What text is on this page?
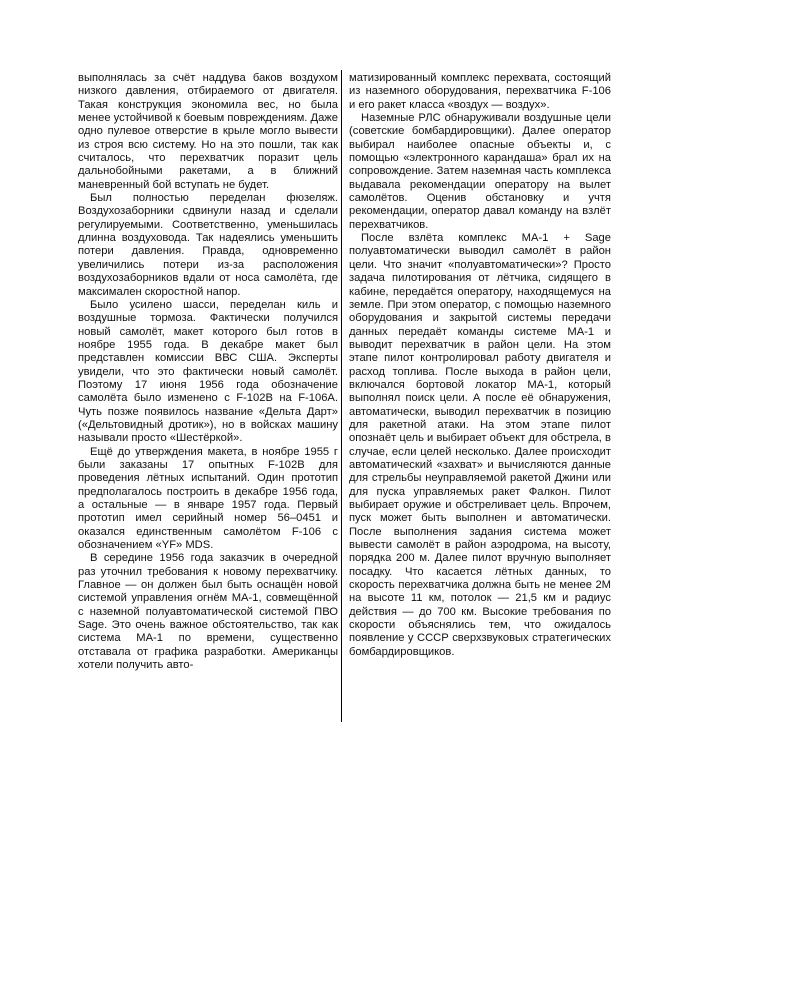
выполнялась за счёт наддува баков воздухом низкого давления, отбираемого от двигателя. Такая конструкция экономила вес, но была менее устойчивой к боевым повреждениям. Даже одно пулевое отверстие в крыле могло вывести из строя всю систему. Но на это пошли, так как считалось, что перехватчик поразит цель дальнобойными ракетами, а в ближний маневренный бой вступать не будет.

Был полностью переделан фюзеляж. Воздухозаборники сдвинули назад и сделали регулируемыми. Соответственно, уменьшилась длинна воздуховода. Так надеялись уменьшить потери давления. Правда, одновременно увеличились потери из-за расположения воздухозаборников вдали от носа самолёта, где максимален скоростной напор.

Было усилено шасси, переделан киль и воздушные тормоза. Фактически получился новый самолёт, макет которого был готов в ноябре 1955 года. В декабре макет был представлен комиссии ВВС США. Эксперты увидели, что это фактически новый самолёт. Поэтому 17 июня 1956 года обозначение самолёта было изменено с F-102B на F-106A. Чуть позже появилось название «Дельта Дарт» («Дельтовидный дротик»), но в войсках машину называли просто «Шестёркой».

Ещё до утверждения макета, в ноябре 1955 г были заказаны 17 опытных F-102B для проведения лётных испытаний. Один прототип предполагалось построить в декабре 1956 года, а остальные — в январе 1957 года. Первый прототип имел серийный номер 56–0451 и оказался единственным самолётом F-106 с обозначением «YF» MDS.

В середине 1956 года заказчик в очередной раз уточнил требования к новому перехватчику. Главное — он должен был быть оснащён новой системой управления огнём MA-1, совмещённой с наземной полуавтоматической системой ПВО Sage. Это очень важное обстоятельство, так как система MA-1 по времени, существенно отставала от графика разработки. Американцы хотели получить авто-

матизированный комплекс перехвата, состоящий из наземного оборудования, перехватчика F-106 и его ракет класса «воздух — воздух».

Наземные РЛС обнаруживали воздушные цели (советские бомбардировщики). Далее оператор выбирал наиболее опасные объекты и, с помощью «электронного карандаша» брал их на сопровождение. Затем наземная часть комплекса выдавала рекомендации оператору на вылет самолётов. Оценив обстановку и учтя рекомендации, оператор давал команду на взлёт перехватчиков.

После взлёта комплекс MA-1 + Sage полуавтоматически выводил самолёт в район цели. Что значит «полуавтоматически»? Просто задача пилотирования от лётчика, сидящего в кабине, передаётся оператору, находящемуся на земле. При этом оператор, с помощью наземного оборудования и закрытой системы передачи данных передаёт команды системе MA-1 и выводит перехватчик в район цели. На этом этапе пилот контролировал работу двигателя и расход топлива. После выхода в район цели, включался бортовой локатор MA-1, который выполнял поиск цели. А после её обнаружения, автоматически, выводил перехватчик в позицию для ракетной атаки. На этом этапе пилот опознаёт цель и выбирает объект для обстрела, в случае, если целей несколько. Далее происходит автоматический «захват» и вычисляются данные для стрельбы неуправляемой ракетой Джини или для пуска управляемых ракет Фалкон. Пилот выбирает оружие и обстреливает цель. Впрочем, пуск может быть выполнен и автоматически. После выполнения задания система может вывести самолёт в район аэродрома, на высоту, порядка 200 м. Далее пилот вручную выполняет посадку. Что касается лётных данных, то скорость перехватчика должна быть не менее 2M на высоте 11 км, потолок — 21,5 км и радиус действия — до 700 км. Высокие требования по скорости объяснялись тем, что ожидалось появление у СССР сверхзвуковых стратегических бомбардировщиков.
